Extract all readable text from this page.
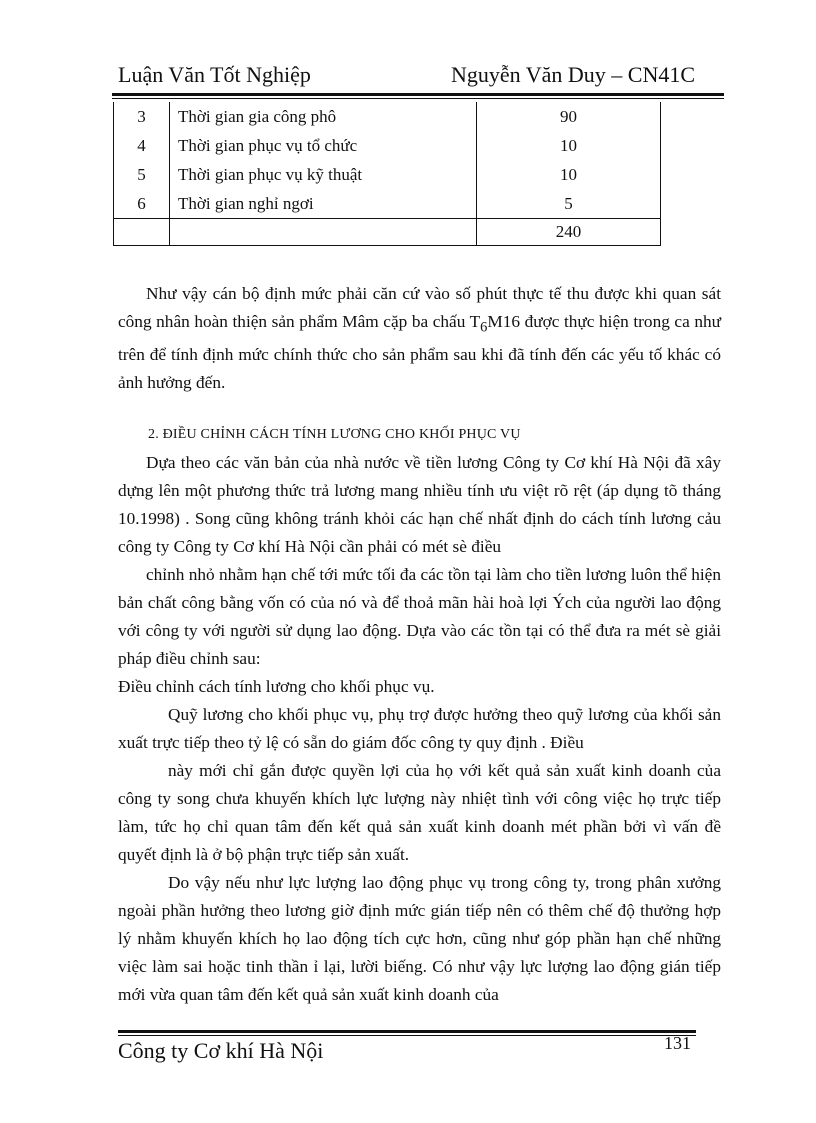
Luận Văn Tốt Nghiệp	Nguyễn Văn Duy – CN41C
3	Thời gian gia công phô	90
4	Thời gian phục vụ tổ chức	10
5	Thời gian phục vụ kỹ thuật	10
6	Thời gian nghỉ ngơi	5
		240

Như vậy cán bộ định mức phải căn cứ vào số phút thực tế thu được khi quan sát công nhân hoàn thiện sản phẩm Mâm cặp ba chấu $T_6M16$ được thực hiện trong ca như trên để tính định mức chính thức cho sản phẩm sau khi đã tính đến các yếu tố khác có ảnh hưởng đến.

2. ĐIỀU CHỈNH CÁCH TÍNH LƯƠNG CHO KHỐI PHỤC VỤ

Dựa theo các văn bản của nhà nước về tiền lương Công ty Cơ khí Hà Nội đã xây dựng lên một phương thức trả lương mang nhiều tính ưu việt rõ rệt (áp dụng tõ tháng 10.1998) . Song cũng không tránh khỏi các hạn chế nhất định do cách tính lương cảu công ty Công ty Cơ khí Hà Nội cần phải có mét sè điều

chỉnh nhỏ nhằm hạn chế tới mức tối đa các tồn tại làm cho tiền lương luôn thể hiện bản chất công bằng vốn có của nó và để thoả mãn hài hoà lợi Ých của người lao động với công ty với người sử dụng lao động. Dựa vào các tồn tại có thể đưa ra mét sè giải pháp điều chỉnh sau:

Điều chỉnh cách tính lương cho khối phục vụ.

Quỹ lương cho khối phục vụ, phụ trợ được hưởng theo quỹ lương của khối sản xuất trực tiếp theo tỷ lệ có sẵn do giám đốc công ty quy định . Điều

này mới chỉ gắn được quyền lợi của họ với kết quả sản xuất kinh doanh của công ty song chưa khuyến khích lực lượng này nhiệt tình với công việc họ trực tiếp làm, tức họ chỉ quan tâm đến kết quả sản xuất kinh doanh mét phần bởi vì vấn đề quyết định là ở bộ phận trực tiếp sản xuất.

Do vậy nếu như lực lượng lao động phục vụ trong công ty, trong phân xưởng ngoài phần hưởng theo lương giờ định mức gián tiếp nên có thêm chế độ thưởng hợp lý nhằm khuyến khích họ lao động tích cực hơn, cũng như góp phần hạn chế những việc làm sai hoặc tinh thần ỉ lại, lười biếng. Có như vậy lực lượng lao động gián tiếp mới vừa quan tâm đến kết quả sản xuất kinh doanh của

Công ty Cơ khí Hà Nội	131
